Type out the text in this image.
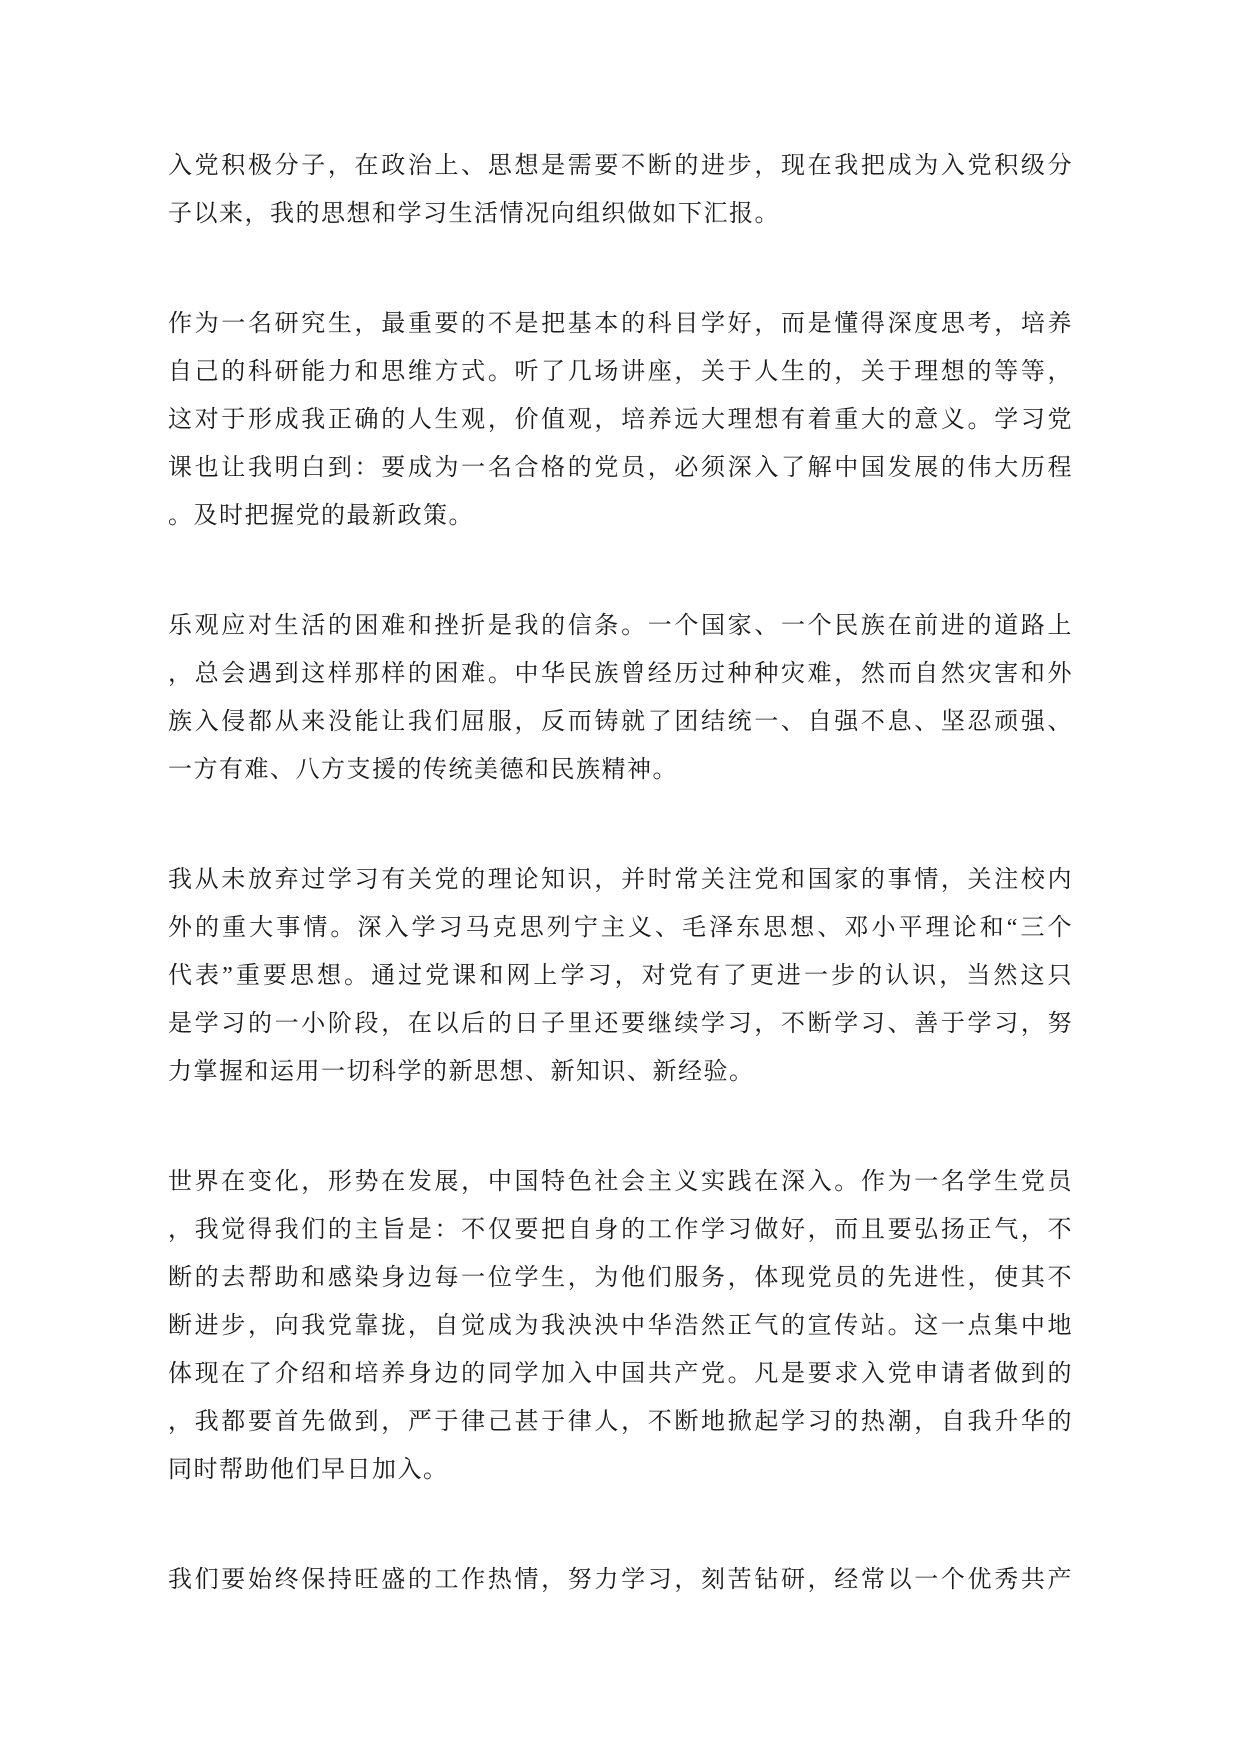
入党积极分子，在政治上、思想是需要不断的进步，现在我把成为入党积级分
子以来，我的思想和学习生活情况向组织做如下汇报。
作为一名研究生，最重要的不是把基本的科目学好，而是懂得深度思考，培养
自己的科研能力和思维方式。听了几场讲座，关于人生的，关于理想的等等，
这对于形成我正确的人生观，价值观，培养远大理想有着重大的意义。学习党
课也让我明白到：要成为一名合格的党员，必须深入了解中国发展的伟大历程
。及时把握党的最新政策。
乐观应对生活的困难和挫折是我的信条。一个国家、一个民族在前进的道路上
，总会遇到这样那样的困难。中华民族曾经历过种种灾难，然而自然灾害和外
族入侵都从来没能让我们屈服，反而铸就了团结统一、自强不息、坚忍顽强、
一方有难、八方支援的传统美德和民族精神。
我从未放弃过学习有关党的理论知识，并时常关注党和国家的事情，关注校内
外的重大事情。深入学习马克思列宁主义、毛泽东思想、邓小平理论和“三个
代表”重要思想。通过党课和网上学习，对党有了更进一步的认识，当然这只
是学习的一小阶段，在以后的日子里还要继续学习，不断学习、善于学习，努
力掌握和运用一切科学的新思想、新知识、新经验。
世界在变化，形势在发展，中国特色社会主义实践在深入。作为一名学生党员
，我觉得我们的主旨是：不仅要把自身的工作学习做好，而且要弘扬正气，不
断的去帮助和感染身边每一位学生，为他们服务，体现党员的先进性，使其不
断进步，向我党靠拢，自觉成为我泱泱中华浩然正气的宣传站。这一点集中地
体现在了介绍和培养身边的同学加入中国共产党。凡是要求入党申请者做到的
，我都要首先做到，严于律己甚于律人，不断地掀起学习的热潮，自我升华的
同时帮助他们早日加入。
我们要始终保持旺盛的工作热情，努力学习，刻苦钻研，经常以一个优秀共产
